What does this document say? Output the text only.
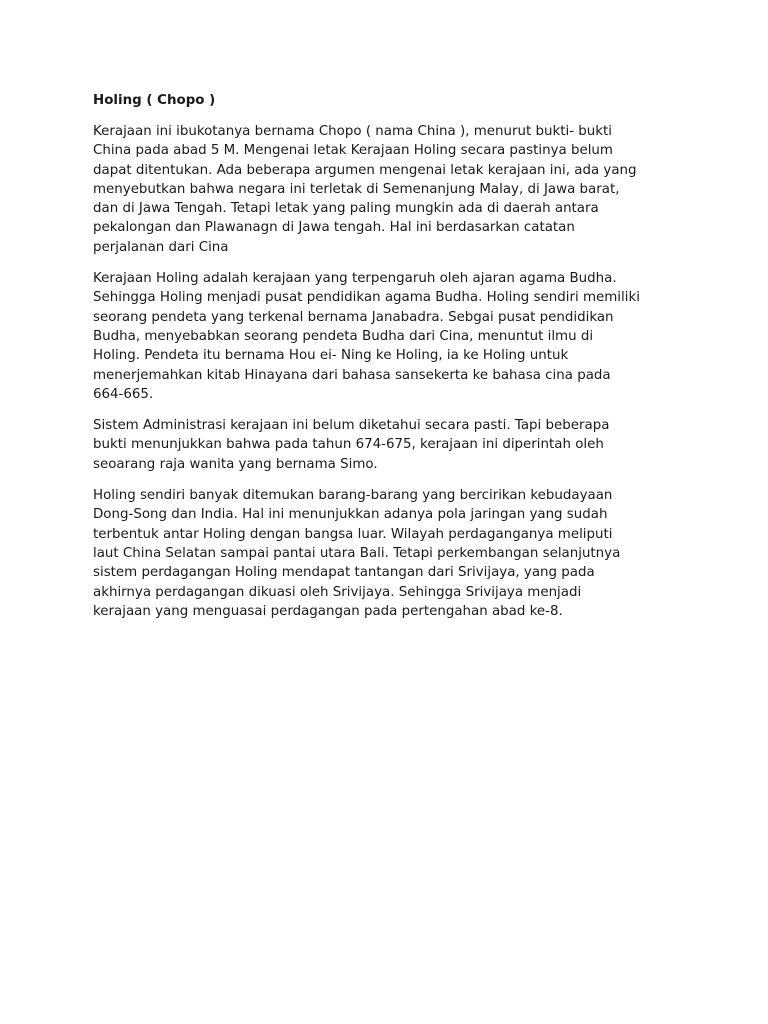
Holing ( Chopo )
Kerajaan ini ibukotanya bernama Chopo ( nama China ), menurut bukti- bukti
China pada abad 5 M. Mengenai letak Kerajaan Holing secara pastinya belum
dapat ditentukan. Ada beberapa argumen mengenai letak kerajaan ini, ada yang
menyebutkan bahwa negara ini terletak di Semenanjung Malay, di Jawa barat,
dan di Jawa Tengah. Tetapi letak yang paling mungkin ada di daerah antara
pekalongan dan Plawanagn di Jawa tengah. Hal ini berdasarkan catatan
perjalanan dari Cina
Kerajaan Holing adalah kerajaan yang terpengaruh oleh ajaran agama Budha.
Sehingga Holing menjadi pusat pendidikan agama Budha. Holing sendiri memiliki
seorang pendeta yang terkenal bernama Janabadra. Sebgai pusat pendidikan
Budha, menyebabkan seorang pendeta Budha dari Cina, menuntut ilmu di
Holing. Pendeta itu bernama Hou ei- Ning ke Holing, ia ke Holing untuk
menerjemahkan kitab Hinayana dari bahasa sansekerta ke bahasa cina pada
664-665.
Sistem Administrasi kerajaan ini belum diketahui secara pasti. Tapi beberapa
bukti menunjukkan bahwa pada tahun 674-675, kerajaan ini diperintah oleh
seoarang raja wanita yang bernama Simo.
Holing sendiri banyak ditemukan barang-barang yang bercirikan kebudayaan
Dong-Song dan India. Hal ini menunjukkan adanya pola jaringan yang sudah
terbentuk antar Holing dengan bangsa luar. Wilayah perdaganganya meliputi
laut China Selatan sampai pantai utara Bali. Tetapi perkembangan selanjutnya
sistem perdagangan Holing mendapat tantangan dari Srivijaya, yang pada
akhirnya perdagangan dikuasi oleh Srivijaya. Sehingga Srivijaya menjadi
kerajaan yang menguasai perdagangan pada pertengahan abad ke-8.
